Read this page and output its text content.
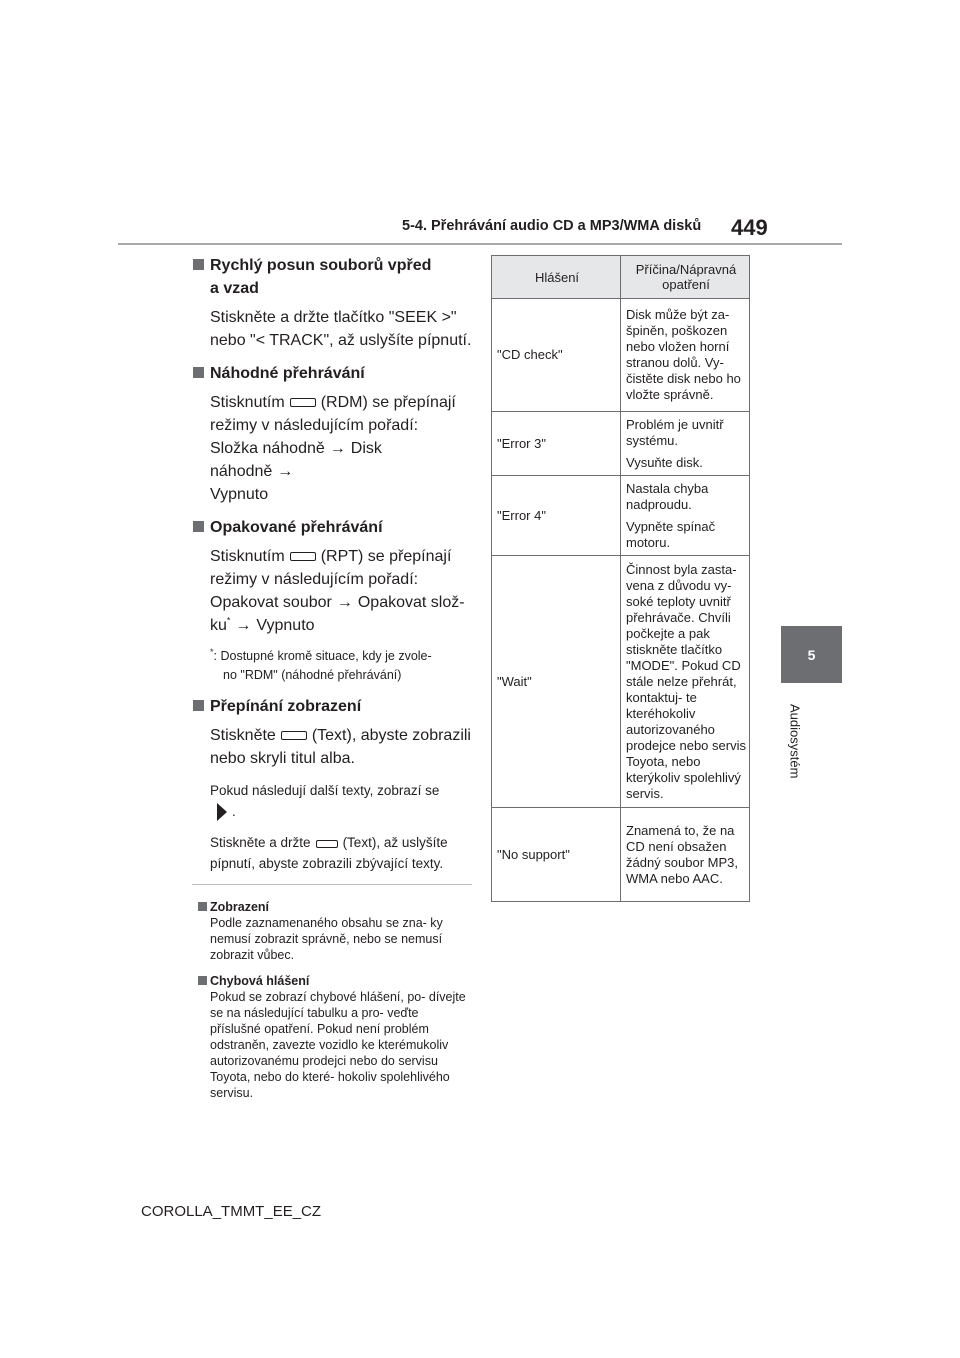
5-4. Přehrávání audio CD a MP3/WMA disků 449
5
Audiosystém
Rychlý posun souborů vpřed
a vzad

Stiskněte a držte tlačítko "SEEK >"
nebo "< TRACK", až uslyšíte pípnutí.

Náhodné přehrávání

Stisknutím (RDM) se přepínají
režimy v následujícím pořadí:
Složka náhodně → Disk náhodně →
Vypnuto

Opakované přehrávání

Stisknutím (RPT) se přepínají
režimy v následujícím pořadí:
Opakovat soubor → Opakovat slož-
ku* → Vypnuto

*: Dostupné kromě situace, kdy je zvole-
no "RDM" (náhodné přehrávání)

Přepínání zobrazení

Stiskněte (Text), abyste zobrazili
nebo skryli titul alba.

Pokud následují další texty, zobrazí se
.

Stiskněte a držte (Text), až uslyšíte
pípnutí, abyste zobrazili zbývající texty.

Zobrazení

Podle zaznamenaného obsahu se zna- ky nemusí zobrazit správně, nebo se nemusí zobrazit vůbec.

Chybová hlášení

Pokud se zobrazí chybové hlášení, po- dívejte se na následující tabulku a pro- veďte příslušné opatření. Pokud není problém odstraněn, zavezte vozidlo ke kterémukoliv autorizovanému prodejci nebo do servisu Toyota, nebo do které- hokoliv spolehlivého servisu.

Hlášení	Příčina/Nápravná opatření
"CD check"	Disk může být za- špiněn, poškozen nebo vložen horní stranou dolů. Vy- čistěte disk nebo ho vložte správně.

"Error 3"	Problém je uvnitř systému.

Vysuňte disk.

"Error 4"	Nastala chyba nadproudu.

Vypněte spínač motoru.

"Wait"	Činnost byla zasta- vena z důvodu vy- soké teploty uvnitř přehrávače. Chvíli počkejte a pak stiskněte tlačítko "MODE". Pokud CD stále nelze přehrát, kontaktuj- te kteréhokoliv autorizovaného prodejce nebo servis Toyota, nebo kterýkoliv spolehlivý servis.

"No support"	Znamená to, že na CD není obsažen žádný soubor MP3, WMA nebo AAC.

COROLLA_TMMT_EE_CZ
